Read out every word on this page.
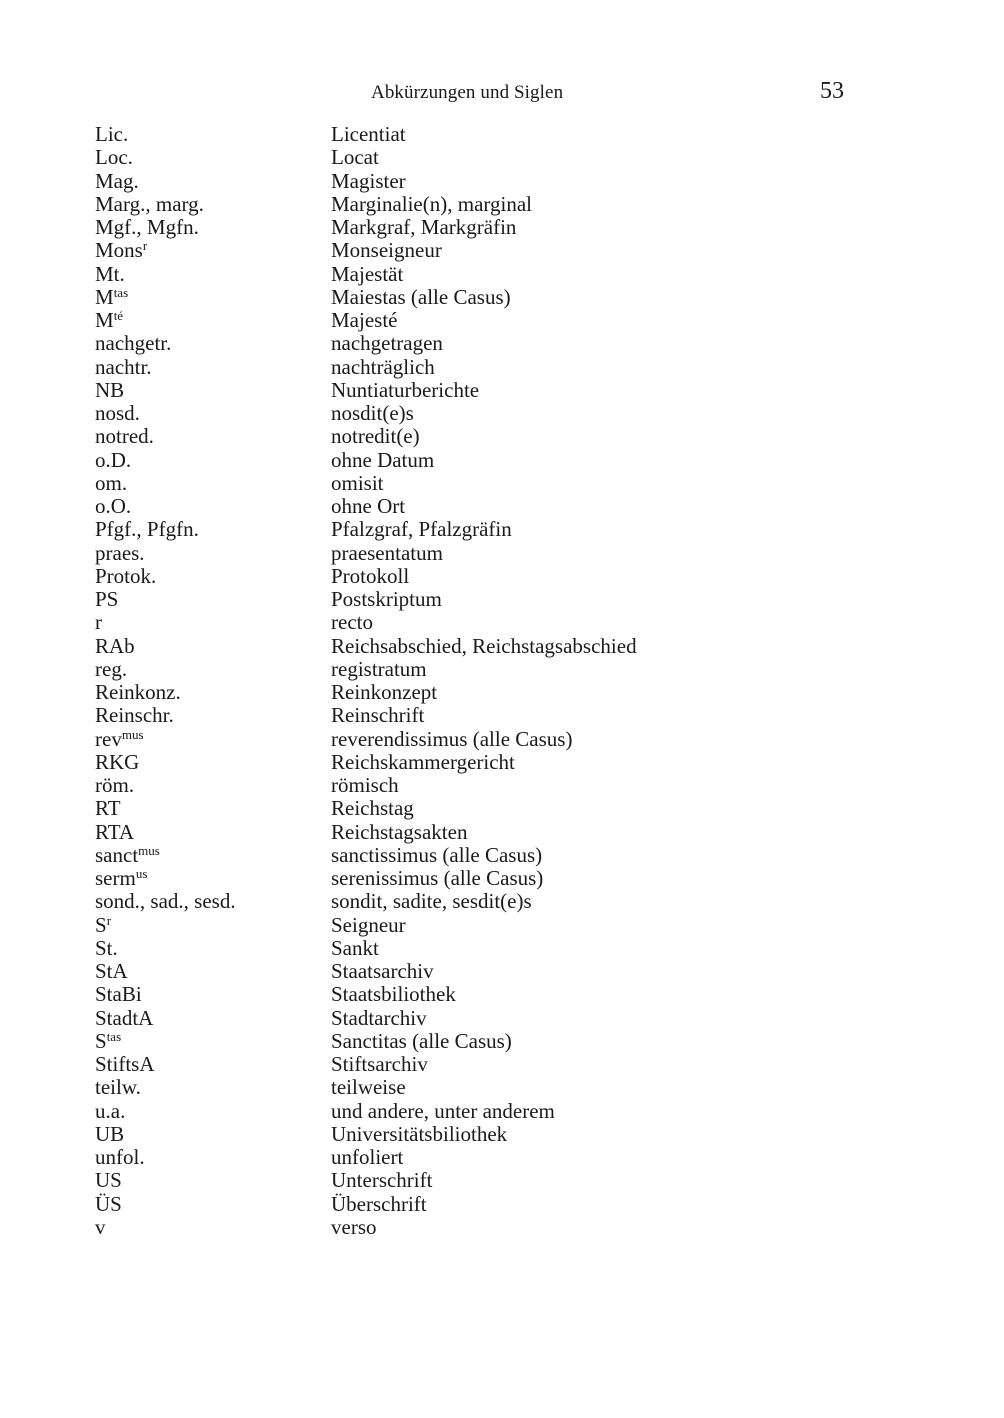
Abkürzungen und Siglen	53
Lic.	Licentiat
Loc.	Locat
Mag.	Magister
Marg., marg.	Marginalie(n), marginal
Mgf., Mgfn.	Markgraf, Markgräfin
Mons$^r$	Monseigneur
Mt.	Majestät
$M^{tas}$	Maiestas (alle Casus)
$M^{té}$	Majesté
nachgetr.	nachgetragen
nachtr.	nachträglich
NB	Nuntiaturberichte
nosd.	nosdit(e)s
notred.	notredit(e)
o.D.	ohne Datum
om.	omisit
o.O.	ohne Ort
Pfgf., Pfgfn.	Pfalzgraf, Pfalzgräfin
praes.	praesentatum
Protok.	Protokoll
PS	Postskriptum
r	recto
RAb	Reichsabschied, Reichstagsabschied
reg.	registratum
Reinkonz.	Reinkonzept
Reinschr.	Reinschrift
rev$^{mus}$	reverendissimus (alle Casus)
RKG	Reichskammergericht
röm.	römisch
RT	Reichstag
RTA	Reichstagsakten
sanct$^{mus}$	sanctissimus (alle Casus)
serm$^{us}$	serenissimus (alle Casus)
sond., sad., sesd.	sondit, sadite, sesdit(e)s
$S^r$	Seigneur
St.	Sankt
StA	Staatsarchiv
StaBi	Staatsbiliothek
StadtA	Stadtarchiv
$S^{tas}$	Sanctitas (alle Casus)
StiftsA	Stiftsarchiv
teilw.	teilweise
u.a.	und andere, unter anderem
UB	Universitätsbiliothek
unfol.	unfoliert
US	Unterschrift
ÜS	Überschrift
v	verso
